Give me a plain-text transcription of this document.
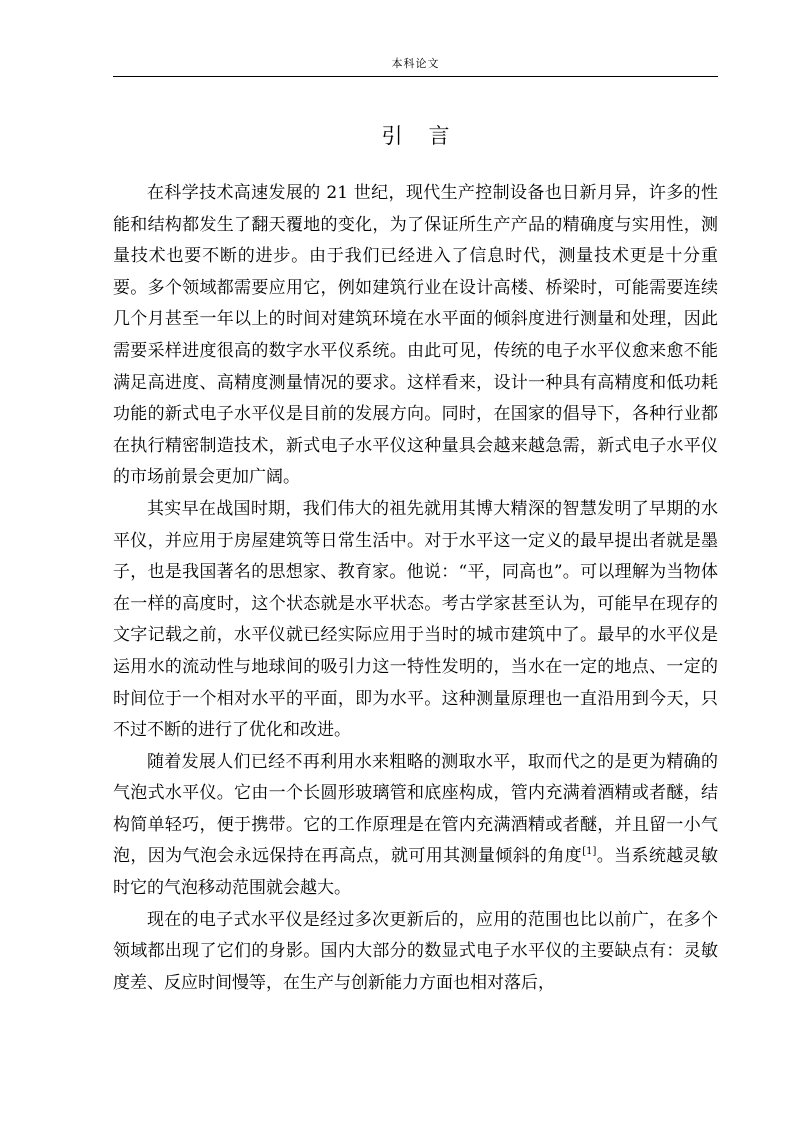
本科论文
引言

在科学技术高速发展的 21 世纪，现代生产控制设备也日新月异，许多的性能和结构都发生了翻天覆地的变化，为了保证所生产产品的精确度与实用性，测量技术也要不断的进步。由于我们已经进入了信息时代，测量技术更是十分重要。多个领域都需要应用它，例如建筑行业在设计高楼、桥梁时，可能需要连续几个月甚至一年以上的时间对建筑环境在水平面的倾斜度进行测量和处理，因此需要采样进度很高的数字水平仪系统。由此可见，传统的电子水平仪愈来愈不能满足高进度、高精度测量情况的要求。这样看来，设计一种具有高精度和低功耗功能的新式电子水平仪是目前的发展方向。同时，在国家的倡导下，各种行业都在执行精密制造技术，新式电子水平仪这种量具会越来越急需，新式电子水平仪的市场前景会更加广阔。

其实早在战国时期，我们伟大的祖先就用其博大精深的智慧发明了早期的水平仪，并应用于房屋建筑等日常生活中。对于水平这一定义的最早提出者就是墨子，也是我国著名的思想家、教育家。他说：“平，同高也”。可以理解为当物体在一样的高度时，这个状态就是水平状态。考古学家甚至认为，可能早在现存的文字记载之前，水平仪就已经实际应用于当时的城市建筑中了。最早的水平仪是运用水的流动性与地球间的吸引力这一特性发明的，当水在一定的地点、一定的时间位于一个相对水平的平面，即为水平。这种测量原理也一直沿用到今天，只不过不断的进行了优化和改进。

随着发展人们已经不再利用水来粗略的测取水平，取而代之的是更为精确的气泡式水平仪。它由一个长圆形玻璃管和底座构成，管内充满着酒精或者醚，结构简单轻巧，便于携带。它的工作原理是在管内充满酒精或者醚，并且留一小气泡，因为气泡会永远保持在再高点，就可用其测量倾斜的角度[1]。当系统越灵敏时它的气泡移动范围就会越大。

现在的电子式水平仪是经过多次更新后的，应用的范围也比以前广，在多个领域都出现了它们的身影。国内大部分的数显式电子水平仪的主要缺点有：灵敏度差、反应时间慢等，在生产与创新能力方面也相对落后，
